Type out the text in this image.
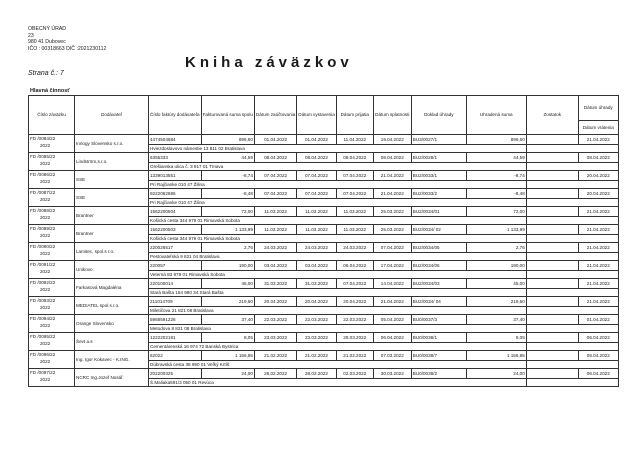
OBECNÝ ÚRAD
23
980 41 Dubovec
IČO : 00318663 DIČ :2021230112
Strana č.: 7
Kniha záväzkov
Hlavná činnosť
Číslo záväzku	Dodávateľ	Číslo faktúry dodávateľa	Fakturovaná suma spolu	Dátum zaúčtovania	Dátum vystavenia	Dátum prijatia	Dátum splatnosti	Doklad úhrady	Uhradená suma	Zostatok	Dátum úhrady
											Dátum vrátenia

FD /0084/22
2022	Innogy Slovensko s.r.o.	4474504684	896,60	01.04.2022	01.04.2022	11.04.2022	19.04.2022	BU3/0027/1	896,60		21.04.2022
		Hviezdoslavovo námestie 13 811 02 Bratislava									

FD /0085/22
2022	Lindström,s.r.o.	6355333	44,59	08.04.2022	08.04.2022	08.04.2022	08.04.2022	BU2/0028/1	44,59		08.04.2022
		Orešianska ulica č. 3 917 01 Trnava									

FD /0086/22
2022	SSE	1339013551	-8,74	07.04.2022	07.04.2022	07.04.2022	21.04.2022	BU2/0033/1	-8,74		20.04.2022
		Pri Rajčianke 010 47 Žilina									

FD /0087/22
2022	SSE	9222062686	-8,48	07.04.2022	07.04.2022	07.04.2022	21.04.2022	BU2/0033/2	-8,48		20.04.2022
		Pri Rajčianke 010 47 Žilina									

FD /0088/22
2022	Brantner	1562200504	72,00	11.03.2022	11.03.2022	11.03.2022	25.03.2022	BU2/0034/01	72,00		21.04.2022
		Košická cesta 344 979 01 Rimavská Sobota									

FD /0089/22
2022	Brantner	1562200503	1 133,99	11.03.2022	11.03.2022	11.03.2022	25.03.2022	BU2/0034/ 02	1 133,99		21.04.2022
		Košická cesta 344 979 01 Rimavská Sobota									

FD /0090/22
2022	Lamitec, spol.s r.o.	220026517	2,76	24.03.2022	24.03.2022	24.03.2022	07.04.2022	BU2/0034/05	2,76		21.04.2022
		Pestovateľská 9 821 04 Bratislava									

FD /0091/22
2022	Unikovo	220057	190,00	03.04.2022	03.04.2022	06.04.2022	17.04.2022	BU2/0034/06	190,00		21.04.2022
		Veterná 83 979 01 Rimavská Sobota									

FD /0092/22
2022	Farkasová Magdaléna	220100014	45,00	31.03.2022	31.03.2022	07.04.2022	14.04.2022	BU2/0034/03	45,00		21.04.2022
		Stará Bašta 154 980 34 Stará Bašta									

FD /0093/22
2022	MEDIATEL spol.s.r.o.	211014709	219,60	20.04.2022	20.04.2022	20.04.2022	21.04.2022	BU2/0034/ 04	219,60		21.04.2022
		Miletičova 21 821 08 Bratislava									

FD /0094/22
2022	Orange Slovensko	5968591226	37,40	22.03.2022	22.03.2022	22.03.2022	05.04.2022	BU0/0037/3	37,40		01.04.2022
		Metodova 8 821 08 Bratislava									

FD /0095/22
2022	Ševt a.s	1222202181	8,05	23.03.2022	23.03.2022	28.03.2022	06.04.2022	BU0/0038/1	8,05		06.04.2022
		Cementárenská 16 974 72 Banská Bystrica									

FD /0096/22
2022	Ing. Igor Kokavec - K.ING.	62022	1 156,95	21.02.2022	21.02.2022	21.02.2022	07.03.2022	BU0/0038/7	1 156,95		06.04.2022
		Dúbravská cesta 38 990 01 Veľký Krtíš									

FD /0097/22
2022	NCRC Ing.Jozef Nosáľ	202200325	24,00	28.02.2022	28.02.2022	02.03.2022	30.03.2022	BU0/0038/2	24,00		06.04.2022
		Š.Maliaka591/3 050 01 Revúca									
